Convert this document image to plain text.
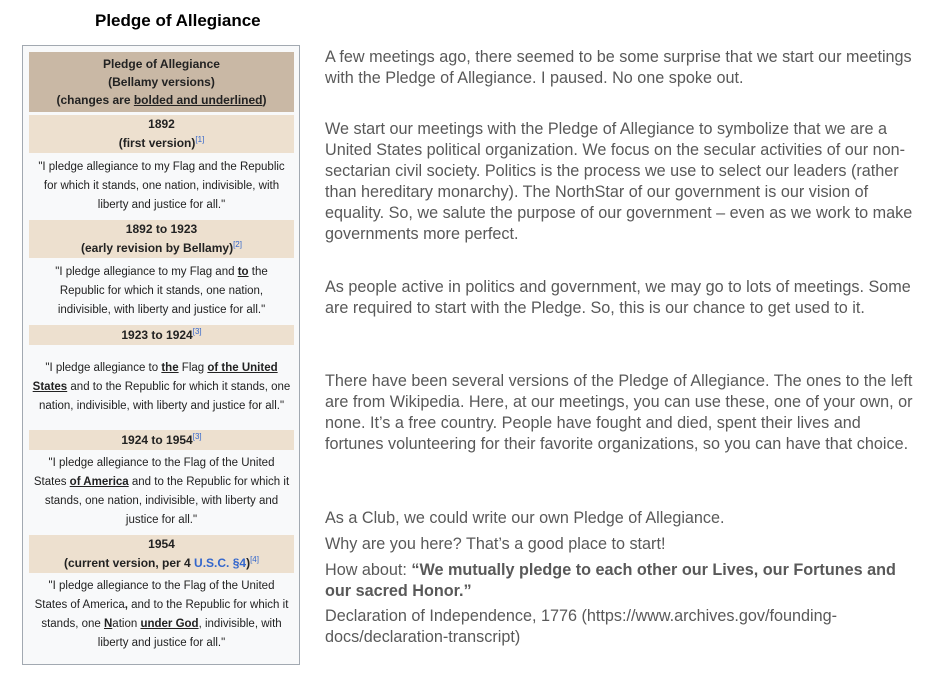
Pledge of Allegiance
Pledge of Allegiance
(Bellamy versions)
(changes are bolded and underlined)
1892
(first version)[1]
"I pledge allegiance to my Flag and the Republic for which it stands, one nation, indivisible, with liberty and justice for all."
1892 to 1923
(early revision by Bellamy)[2]
"I pledge allegiance to my Flag and to the Republic for which it stands, one nation, indivisible, with liberty and justice for all."
1923 to 1924[3]
"I pledge allegiance to the Flag of the United States and to the Republic for which it stands, one nation, indivisible, with liberty and justice for all."
1924 to 1954[3]
"I pledge allegiance to the Flag of the United States of America and to the Republic for which it stands, one nation, indivisible, with liberty and justice for all."
1954
(current version, per 4 U.S.C. §4)[4]
"I pledge allegiance to the Flag of the United States of America, and to the Republic for which it stands, one Nation under God, indivisible, with liberty and justice for all."
A few meetings ago, there seemed to be some surprise that we start our meetings with the Pledge of Allegiance. I paused. No one spoke out.
We start our meetings with the Pledge of Allegiance to symbolize that we are a United States political organization. We focus on the secular activities of our non-sectarian civil society. Politics is the process we use to select our leaders (rather than hereditary monarchy). The NorthStar of our government is our vision of equality. So, we salute the purpose of our government – even as we work to make governments more perfect.
As people active in politics and government, we may go to lots of meetings. Some are required to start with the Pledge. So, this is our chance to get used to it.
There have been several versions of the Pledge of Allegiance. The ones to the left are from Wikipedia. Here, at our meetings, you can use these, one of your own, or none. It’s a free country. People have fought and died, spent their lives and fortunes volunteering for their favorite organizations, so you can have that choice.
As a Club, we could write our own Pledge of Allegiance.
Why are you here? That’s a good place to start!
How about: “We mutually pledge to each other our Lives, our Fortunes and our sacred Honor.”
Declaration of Independence, 1776 (https://www.archives.gov/founding-docs/declaration-transcript)
